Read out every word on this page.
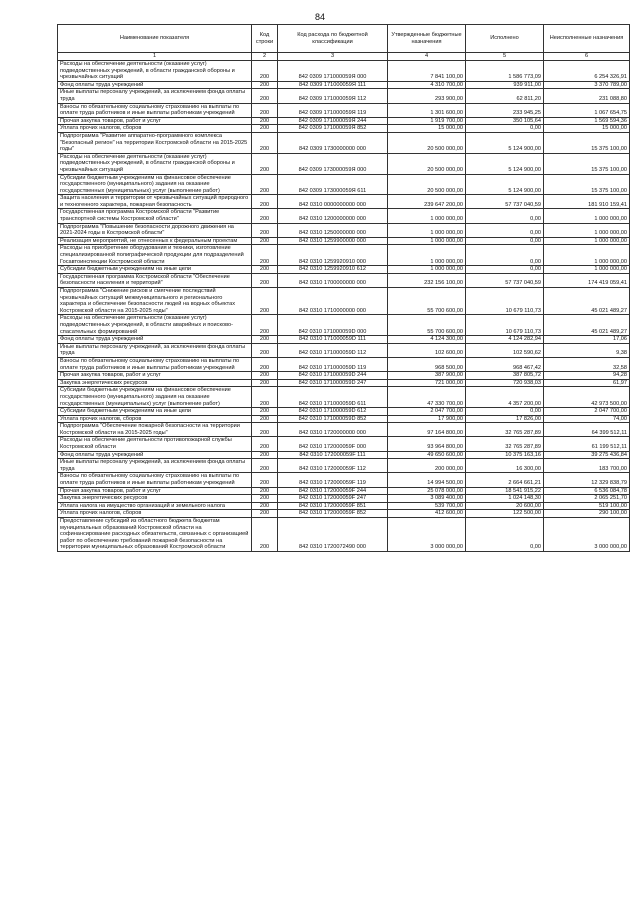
84
Наименование показателя	Код строки	Код расхода по бюджетной классификации	Утвержденные бюджетные назначения	Исполнено	Неисполненные назначения
1	2	3	4	5	6
Расходы на обеспечение деятельности (оказание услуг) подведомственных учреждений, в области гражданской обороны и чрезвычайных ситуаций	200	842 0309 171000059Я 000	7 841 100,00	1 586 773,09	6 254 326,91
Фонд оплаты труда учреждений	200	842 0309 171000059Я 111	4 310 700,00	939 911,00	3 370 789,00
Иные выплаты персоналу учреждений, за исключением фонда оплаты труда	200	842 0309 171000059Я 112	293 900,00	62 811,20	231 088,80
Взносы по обязательному социальному страхованию на выплаты по оплате труда работников и иные выплаты работникам учреждений	200	842 0309 171000059Я 119	1 301 600,00	233 945,25	1 067 654,75
Прочая закупка товаров, работ и услуг	200	842 0309 171000059Я 244	1 919 700,00	350 105,64	1 569 594,36
Уплата прочих налогов, сборов	200	842 0309 171000059Я 852	15 000,00	0,00	15 000,00
Подпрограмма "Развитие аппаратно-программного комплекса "Безопасный регион" на территории Костромской области на 2015-2025 годы"	200	842 0309 1730000000 000	20 500 000,00	5 124 900,00	15 375 100,00
Расходы на обеспечение деятельности (оказание услуг) подведомственных учреждений, в области гражданской обороны и чрезвычайных ситуаций	200	842 0309 173000059Я 000	20 500 000,00	5 124 900,00	15 375 100,00
Субсидии бюджетным учреждениям на финансовое обеспечение государственного (муниципального) задания на оказание государственных (муниципальных) услуг (выполнение работ)	200	842 0309 173000059Я 611	20 500 000,00	5 124 900,00	15 375 100,00
Защита населения и территории от чрезвычайных ситуаций природного и техногенного характера, пожарная безопасность	200	842 0310 0000000000 000	239 647 200,00	57 737 040,59	181 910 159,41
Государственная программа Костромской области "Развитие транспортной системы Костромской области"	200	842 0310 1200000000 000	1 000 000,00	0,00	1 000 000,00
Подпрограмма "Повышение безопасности дорожного движения на 2021-2024 годы в Костромской области"	200	842 0310 1250000000 000	1 000 000,00	0,00	1 000 000,00
Реализация мероприятий, не отнесенных к федеральным проектам	200	842 0310 1259900000 000	1 000 000,00	0,00	1 000 000,00
Расходы на приобретение оборудования и техники, изготовление специализированной полиграфической продукции для подразделений Госавтоинспекции Костромской области	200	842 0310 1259920910 000	1 000 000,00	0,00	1 000 000,00
Субсидии бюджетным учреждениям на иные цели	200	842 0310 1259920910 612	1 000 000,00	0,00	1 000 000,00
Государственная программа Костромской области "Обеспечение безопасности населения и территорий"	200	842 0310 1700000000 000	232 156 100,00	57 737 040,59	174 419 059,41
Подпрограмма "Снижение рисков и смягчение последствий чрезвычайных ситуаций межмуниципального и регионального характера и обеспечение безопасности людей на водных объектах Костромской области на 2015-2025 годы"	200	842 0310 1710000000 000	55 700 600,00	10 679 110,73	45 021 489,27
Расходы на обеспечение деятельности (оказание услуг) подведомственных учреждений, в области аварийных и поисково-спасательных формирований	200	842 0310 171000059D 000	55 700 600,00	10 679 110,73	45 021 489,27
Фонд оплаты труда учреждений	200	842 0310 171000059D 111	4 124 300,00	4 124 282,94	17,06
Иные выплаты персоналу учреждений, за исключением фонда оплаты труда	200	842 0310 171000059D 112	102 600,00	102 590,62	9,38
Взносы по обязательному социальному страхованию на выплаты по оплате труда работников и иные выплаты работникам учреждений	200	842 0310 171000059D 119	968 500,00	968 467,42	32,58
Прочая закупка товаров, работ и услуг	200	842 0310 171000059D 244	387 900,00	387 805,72	94,28
Закупка энергетических ресурсов	200	842 0310 171000059D 247	721 000,00	720 938,03	61,97
Субсидии бюджетным учреждениям на финансовое обеспечение государственного (муниципального) задания на оказание государственных (муниципальных) услуг (выполнение работ)	200	842 0310 171000059D 611	47 330 700,00	4 357 200,00	42 973 500,00
Субсидии бюджетным учреждениям на иные цели	200	842 0310 171000059D 612	2 047 700,00	0,00	2 047 700,00
Уплата прочих налогов, сборов	200	842 0310 171000059D 852	17 900,00	17 826,00	74,00
Подпрограмма "Обеспечение пожарной безопасности на территории Костромской области на 2015-2025 годы"	200	842 0310 1720000000 000	97 164 800,00	32 765 287,89	64 399 512,11
Расходы на обеспечение деятельности противопожарной службы Костромской области	200	842 0310 172000059F 000	93 964 800,00	32 765 287,89	61 199 512,11
Фонд оплаты труда учреждений	200	842 0310 172000059F 111	49 650 600,00	10 375 163,16	39 275 436,84
Иные выплаты персоналу учреждений, за исключением фонда оплаты труда	200	842 0310 172000059F 112	200 000,00	16 300,00	183 700,00
Взносы по обязательному социальному страхованию на выплаты по оплате труда работников и иные выплаты работникам учреждений	200	842 0310 172000059F 119	14 994 500,00	2 664 661,21	12 329 838,79
Прочая закупка товаров, работ и услуг	200	842 0310 172000059F 244	25 078 000,00	18 541 915,22	6 536 084,78
Закупка энергетических ресурсов	200	842 0310 172000059F 247	3 089 400,00	1 024 148,30	2 065 251,70
Уплата налога на имущество организаций и земельного налога	200	842 0310 172000059F 851	539 700,00	20 600,00	519 100,00
Уплата прочих налогов, сборов	200	842 0310 172000059F 852	412 600,00	122 500,00	290 100,00
Предоставление субсидий из областного бюджета бюджетам муниципальных образований Костромской области на софинансирование расходных обязательств, связанных с организацией работ по обеспечению требований пожарной безопасности на территории муниципальных образований Костромской области	200	842 0310 1720072490 000	3 000 000,00	0,00	3 000 000,00
